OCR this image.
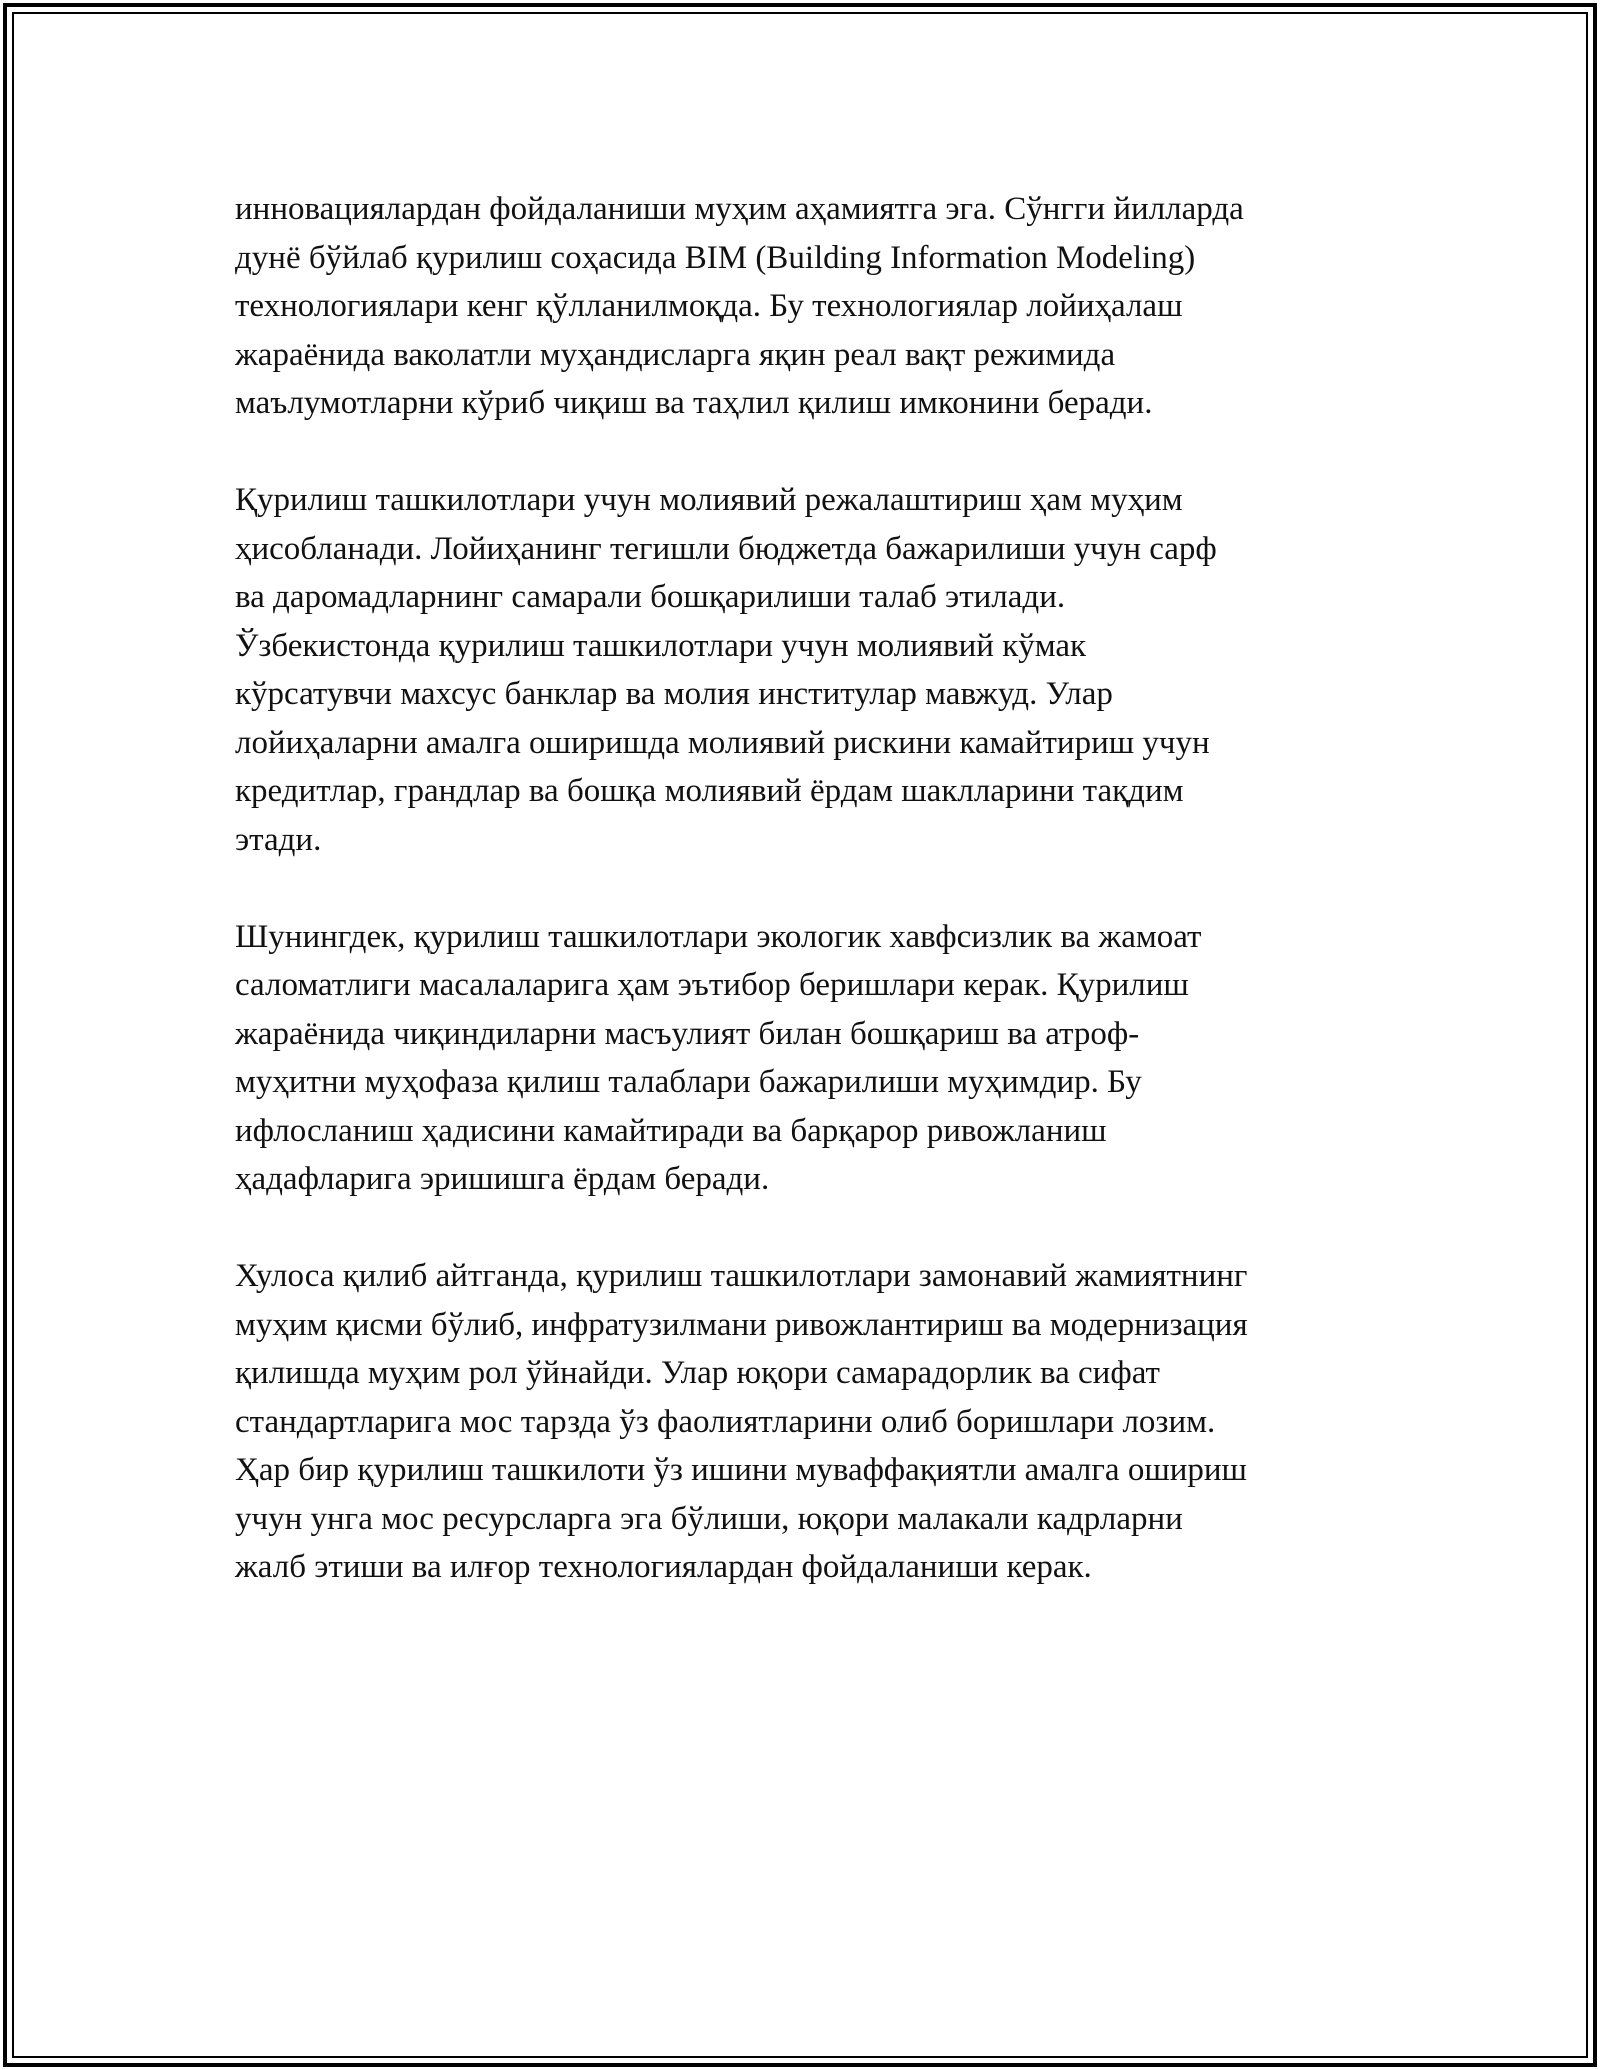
инновациялардан фойдаланиши муҳим аҳамиятга эга. Сўнгги йилларда
дунё бўйлаб қурилиш соҳасида BIM (Building Information Modeling)
технологиялари кенг қўлланилмоқда. Бу технологиялар лойиҳалаш
жараёнида ваколатли муҳандисларга яқин реал вақт режимида
маълумотларни кўриб чиқиш ва таҳлил қилиш имконини беради.

Қурилиш ташкилотлари учун молиявий режалаштириш ҳам муҳим
ҳисобланади. Лойиҳанинг тегишли бюджетда бажарилиши учун сарф
ва даромадларнинг самарали бошқарилиши талаб этилади.
Ўзбекистонда қурилиш ташкилотлари учун молиявий кўмак
кўрсатувчи махсус банклар ва молия институлар мавжуд. Улар
лойиҳаларни амалга оширишда молиявий рискини камайтириш учун
кредитлар, грандлар ва бошқа молиявий ёрдам шаклларини тақдим
этади.

Шунингдек, қурилиш ташкилотлари экологик хавфсизлик ва жамоат
саломатлиги масалаларига ҳам эътибор беришлари керак. Қурилиш
жараёнида чиқиндиларни масъулият билан бошқариш ва атроф-
муҳитни муҳофаза қилиш талаблари бажарилиши муҳимдир. Бу
ифлосланиш ҳадисини камайтиради ва барқарор ривожланиш
ҳадафларига эришишга ёрдам беради.

Хулоса қилиб айтганда, қурилиш ташкилотлари замонавий жамиятнинг
муҳим қисми бўлиб, инфратузилмани ривожлантириш ва модернизация
қилишда муҳим рол ўйнайди. Улар юқори самарадорлик ва сифат
стандартларига мос тарзда ўз фаолиятларини олиб боришлари лозим.
Ҳар бир қурилиш ташкилоти ўз ишини муваффақиятли амалга ошириш
учун унга мос ресурсларга эга бўлиши, юқори малакали кадрларни
жалб этиши ва илғор технологиялардан фойдаланиши керак.
